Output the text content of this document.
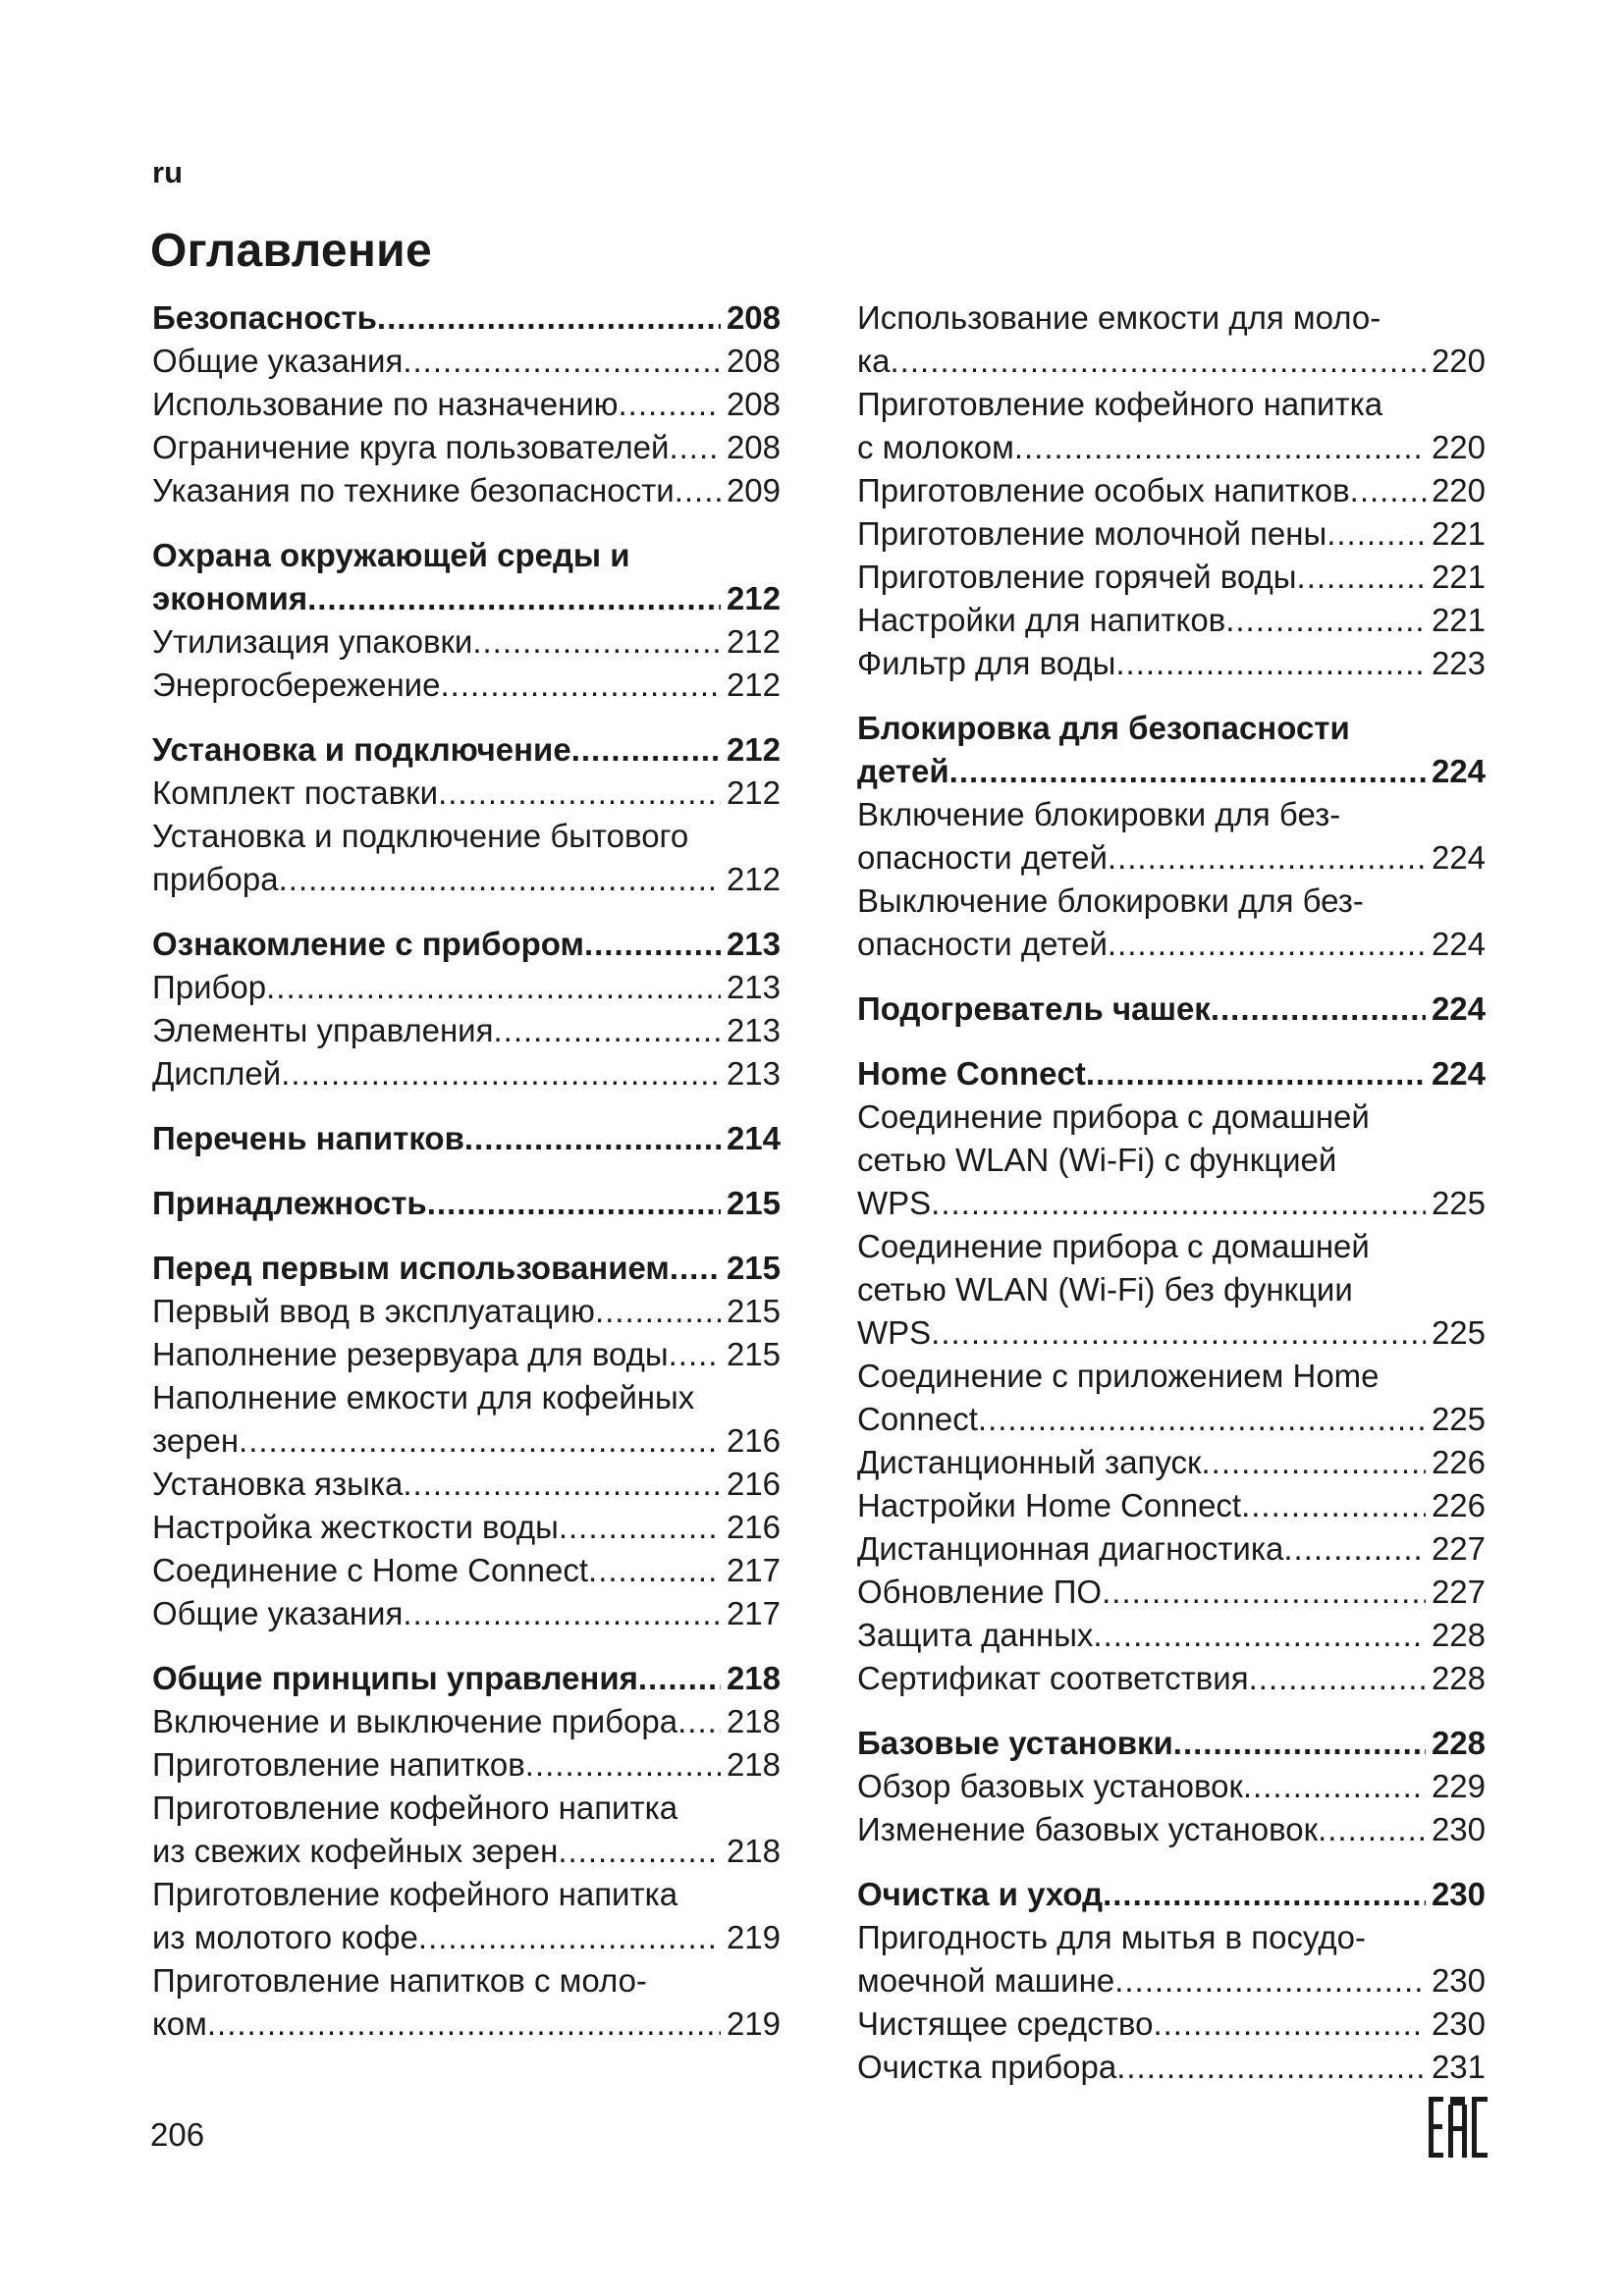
ru
Оглавление
Безопасность .....	208
Общие указания .....	208
Использование по назначению .....	208
Ограничение круга пользователей ..... 208
Указания по технике безопасности ..... 209
Охрана окружающей среды и
экономия .....	212
Утилизация упаковки .....	212
Энергосбережение .....	212
Установка и подключение .....	212
Комплект поставки .....	212
Установка и подключение бытового
прибора .....	212
Ознакомление с прибором .....	213
Прибор .....	213
Элементы управления .....	213
Дисплей .....	213
Перечень напитков .....	214
Принадлежность .....	215
Перед первым использованием ..... 215
Первый ввод в эксплуатацию .....	215
Наполнение резервуара для воды ..... 215
Наполнение емкости для кофейных
зерен .....	216
Установка языка .....	216
Настройка жесткости воды .....	216
Соединение с Home Connect .....	217
Общие указания .....	217
Общие принципы управления .....	218
Включение и выключение прибора ..... 218
Приготовление напитков .....	218
Приготовление кофейного напитка
из свежих кофейных зерен .....	218
Приготовление кофейного напитка
из молотого кофе .....	219
Приготовление напитков с моло-
ком .....	219
Использование емкости для моло-
ка .....	220
Приготовление кофейного напитка
с молоком .....	220
Приготовление особых напитков .....	220
Приготовление молочной пены .....	221
Приготовление горячей воды .....	221
Настройки для напитков .....	221
Фильтр для воды .....	223
Блокировка для безопасности
детей .....	224
Включение блокировки для без-
опасности детей .....	224
Выключение блокировки для без-
опасности детей .....	224
Подогреватель чашек .....	224
Home Connect .....	224
Соединение прибора с домашней
сетью WLAN (Wi-Fi) с функцией
WPS .....	225
Соединение прибора с домашней
сетью WLAN (Wi-Fi) без функции
WPS .....	225
Соединение с приложением Home
Connect .....	225
Дистанционный запуск .....	226
Настройки Home Connect .....	226
Дистанционная диагностика .....	227
Обновление ПО .....	227
Защита данных .....	228
Сертификат соответствия .....	228
Базовые установки .....	228
Обзор базовых установок .....	229
Изменение базовых установок .....	230
Очистка и уход .....	230
Пригодность для мытья в посудо-
моечной машине .....	230
Чистящее средство .....	230
Очистка прибора .....	231
206
